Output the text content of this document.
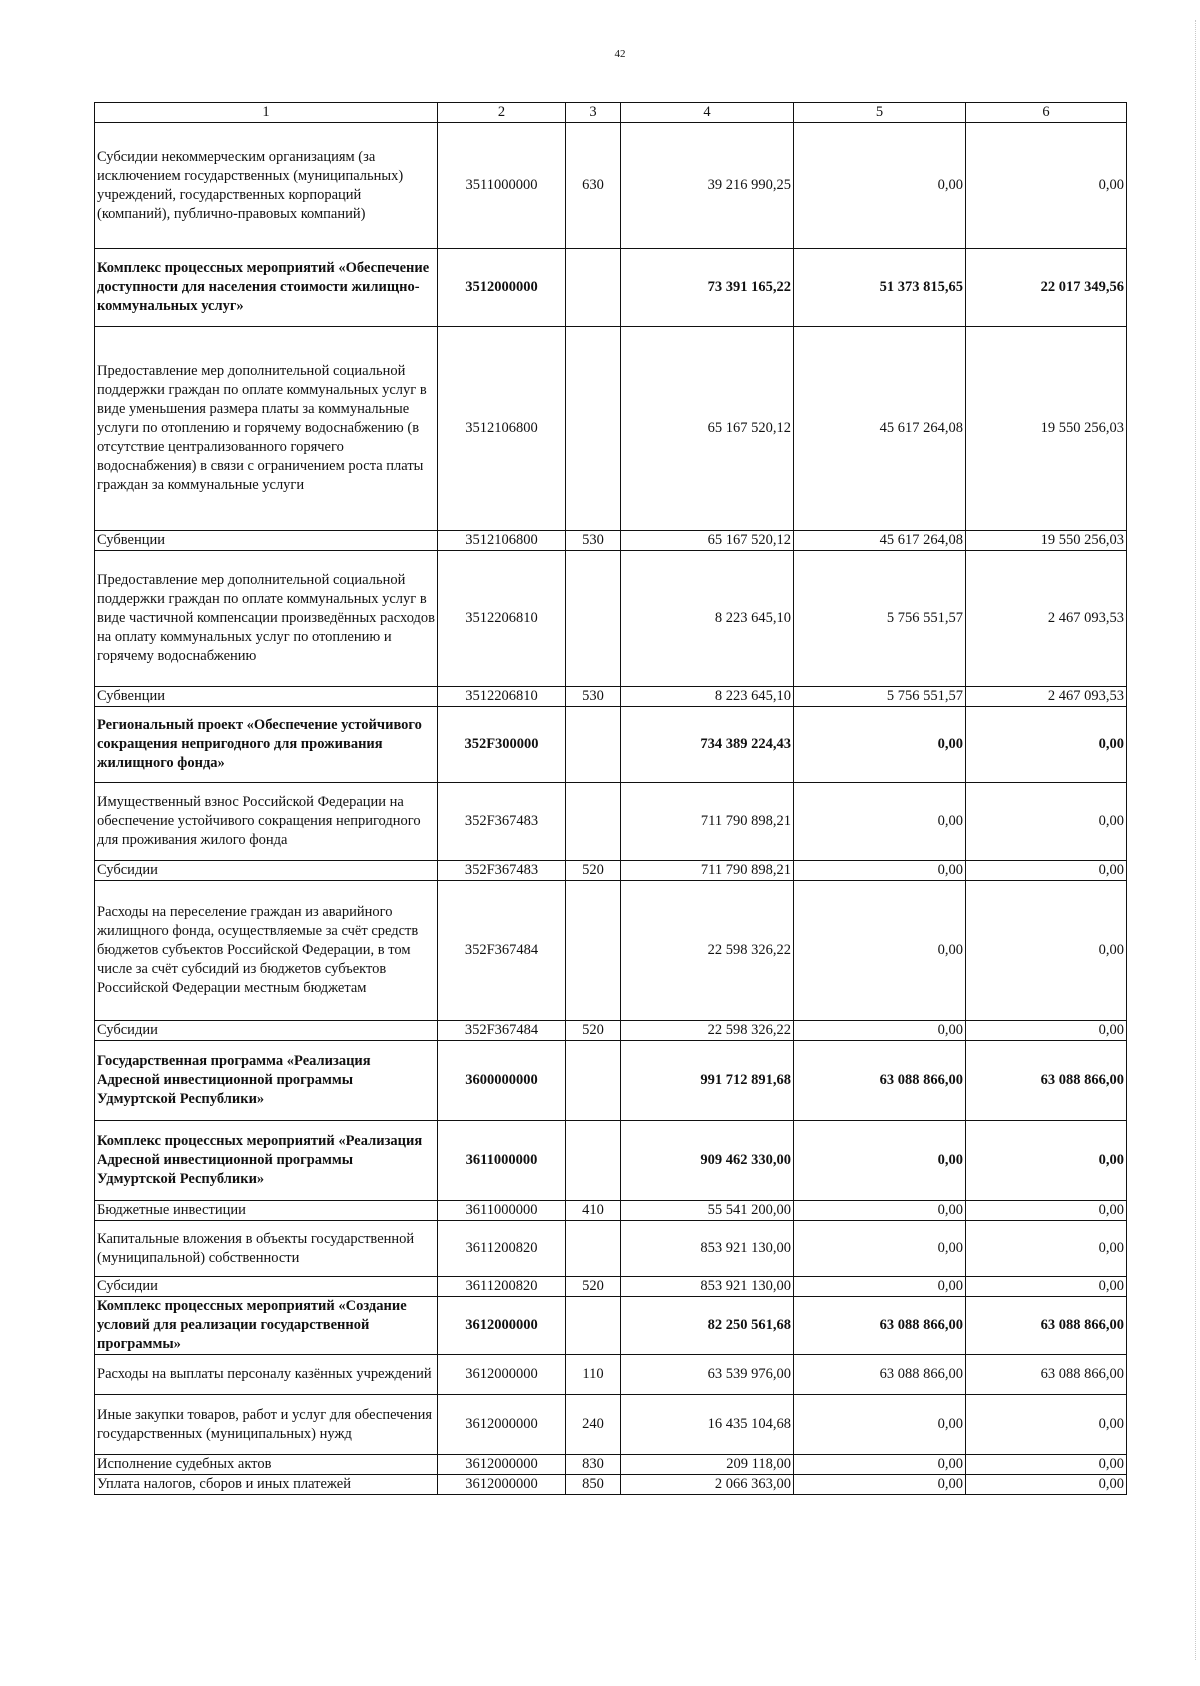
42
1	2	3	4	5	6
Субсидии некоммерческим организациям (за исключением государственных (муниципальных) учреждений, государственных корпораций (компаний), публично-правовых компаний)	3511000000	630	39 216 990,25	0,00	0,00
Комплекс процессных мероприятий «Обеспечение доступности для населения стоимости жилищно-коммунальных услуг»	3512000000		73 391 165,22	51 373 815,65	22 017 349,56
Предоставление мер дополнительной социальной поддержки граждан по оплате коммунальных услуг в виде уменьшения размера платы за коммунальные услуги по отоплению и горячему водоснабжению (в отсутствие централизованного горячего водоснабжения) в связи с ограничением роста платы граждан за коммунальные услуги	3512106800		65 167 520,12	45 617 264,08	19 550 256,03
Субвенции	3512106800	530	65 167 520,12	45 617 264,08	19 550 256,03
Предоставление мер дополнительной социальной поддержки граждан по оплате коммунальных услуг в виде частичной компенсации произведённых расходов на оплату коммунальных услуг по отоплению и горячему водоснабжению	3512206810		8 223 645,10	5 756 551,57	2 467 093,53
Субвенции	3512206810	530	8 223 645,10	5 756 551,57	2 467 093,53
Региональный проект «Обеспечение устойчивого сокращения непригодного для проживания жилищного фонда»	352F300000		734 389 224,43	0,00	0,00
Имущественный взнос Российской Федерации на обеспечение устойчивого сокращения непригодного для проживания жилого фонда	352F367483		711 790 898,21	0,00	0,00
Субсидии	352F367483	520	711 790 898,21	0,00	0,00
Расходы на переселение граждан из аварийного жилищного фонда, осуществляемые за счёт средств бюджетов субъектов Российской Федерации, в том числе за счёт субсидий из бюджетов субъектов Российской Федерации местным бюджетам	352F367484		22 598 326,22	0,00	0,00
Субсидии	352F367484	520	22 598 326,22	0,00	0,00
Государственная программа «Реализация Адресной инвестиционной программы Удмуртской Республики»	3600000000		991 712 891,68	63 088 866,00	63 088 866,00
Комплекс процессных мероприятий «Реализация Адресной инвестиционной программы Удмуртской Республики»	3611000000		909 462 330,00	0,00	0,00
Бюджетные инвестиции	3611000000	410	55 541 200,00	0,00	0,00
Капитальные вложения в объекты государственной (муниципальной) собственности	3611200820		853 921 130,00	0,00	0,00
Субсидии	3611200820	520	853 921 130,00	0,00	0,00
Комплекс процессных мероприятий «Создание условий для реализации государственной программы»	3612000000		82 250 561,68	63 088 866,00	63 088 866,00
Расходы на выплаты персоналу казённых учреждений	3612000000	110	63 539 976,00	63 088 866,00	63 088 866,00
Иные закупки товаров, работ и услуг для обеспечения государственных (муниципальных) нужд	3612000000	240	16 435 104,68	0,00	0,00
Исполнение судебных актов	3612000000	830	209 118,00	0,00	0,00
Уплата налогов, сборов и иных платежей	3612000000	850	2 066 363,00	0,00	0,00
